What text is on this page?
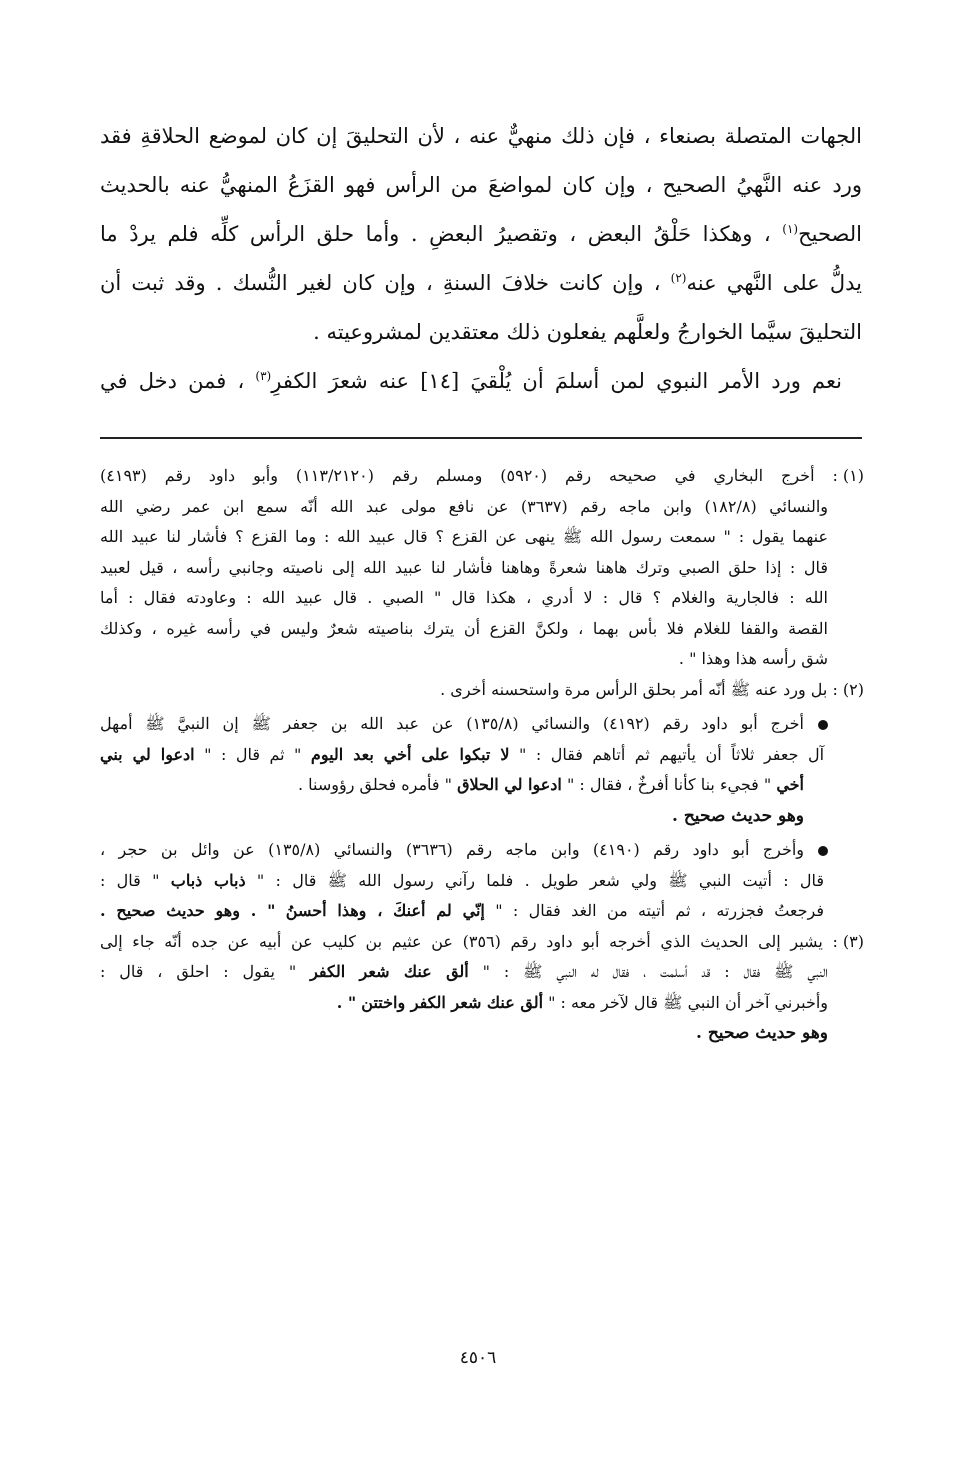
الجهات المتصلة بصنعاء ، فإن ذلك منهيٌّ عنه ، لأن التحليقَ إن كان لموضع الحلاقةِ فقد

ورد عنه النَّهيُ الصحيح ، وإن كان لمواضعَ من الرأس فهو القزَعُ المنهيُّ عنه بالحديث

الصحيح$^{(١)}$ ، وهكذا حَلْقُ البعض ، وتقصيرُ البعضِ . وأما حلق الرأس كلِّه فلم يردْ ما

يدلُّ على النَّهي عنه$^{(٢)}$ ، وإن كانت خلافَ السنةِ ، وإن كان لغير النُّسك . وقد ثبت أن

التحليقَ سيَّما الخوارجُ ولعلَّهم يفعلون ذلك معتقدين لمشروعيته .

نعم ورد الأمر النبوي لمن أسلمَ أن يُلْقيَ [١٤] عنه شعرَ الكفرِ$^{(٣)}$ ، فمن دخل في

(١) : أخرج البخاري في صحيحه رقم (٥٩٢٠) ومسلم رقم (١١٣/٢١٢٠) وأبو داود رقم (٤١٩٣)
والنسائي (١٨٢/٨) وابن ماجه رقم (٣٦٣٧) عن نافع مولى عبد الله أنّه سمع ابن عمر رضي الله
عنهما يقول : " سمعت رسول الله ﷺ ينهى عن القزع ؟ قال عبيد الله : وما القزع ؟ فأشار لنا عبيد الله
قال : إذا حلق الصبي وترك هاهنا شعرةً وهاهنا فأشار لنا عبيد الله إلى ناصيته وجانبي رأسه ، قيل لعبيد
الله : فالجارية والغلام ؟ قال : لا أدري ، هكذا قال " الصبي . قال عبيد الله : وعاودته فقال : أما
القصة والقفا للغلام فلا بأس بهما ، ولكنَّ القزع أن يترك بناصيته شعرٌ وليس في رأسه غيره ، وكذلك
شق رأسه هذا وهذا " .
(٢) : بل ورد عنه ﷺ أنّه أمر بحلق الرأس مرة واستحسنه أخرى .
أخرج أبو داود رقم (٤١٩٢) والنسائي (١٣٥/٨) عن عبد الله بن جعفر ﷺ إن النبيَّ ﷺ أمهل
آل جعفر ثلاثاً أن يأتيهم ثم أتاهم فقال : " لا تبكوا على أخي بعد اليوم " ثم قال : " ادعوا لي بني
أخي " فجيء بنا كأنا أفرخٌ ، فقال : " ادعوا لي الحلاق " فأمره فحلق رؤوسنا .
وهو حديث صحيح .
وأخرج أبو داود رقم (٤١٩٠) وابن ماجه رقم (٣٦٣٦) والنسائي (١٣٥/٨) عن وائل بن حجر ،
قال : أتيت النبي ﷺ ولي شعر طويل . فلما رآني رسول الله ﷺ قال : " ذباب ذباب " قال :
فرجعتُ فجزرته ، ثم أتيته من الغد فقال : " إنّي لم أعنكَ ، وهذا أحسنُ " . وهو حديث صحيح .
(٣) : يشير إلى الحديث الذي أخرجه أبو داود رقم (٣٥٦) عن عثيم بن كليب عن أبيه عن جده أنّه جاء إلى
النبي ﷺ فقال : قد أسلمت ، فقال له النبي ﷺ : " ألق عنك شعر الكفر " يقول : احلق ، قال :
وأخبرني آخر أن النبي ﷺ قال لآخر معه : " ألق عنك شعر الكفر واختتن " .
وهو حديث صحيح .
٤٥٠٦
